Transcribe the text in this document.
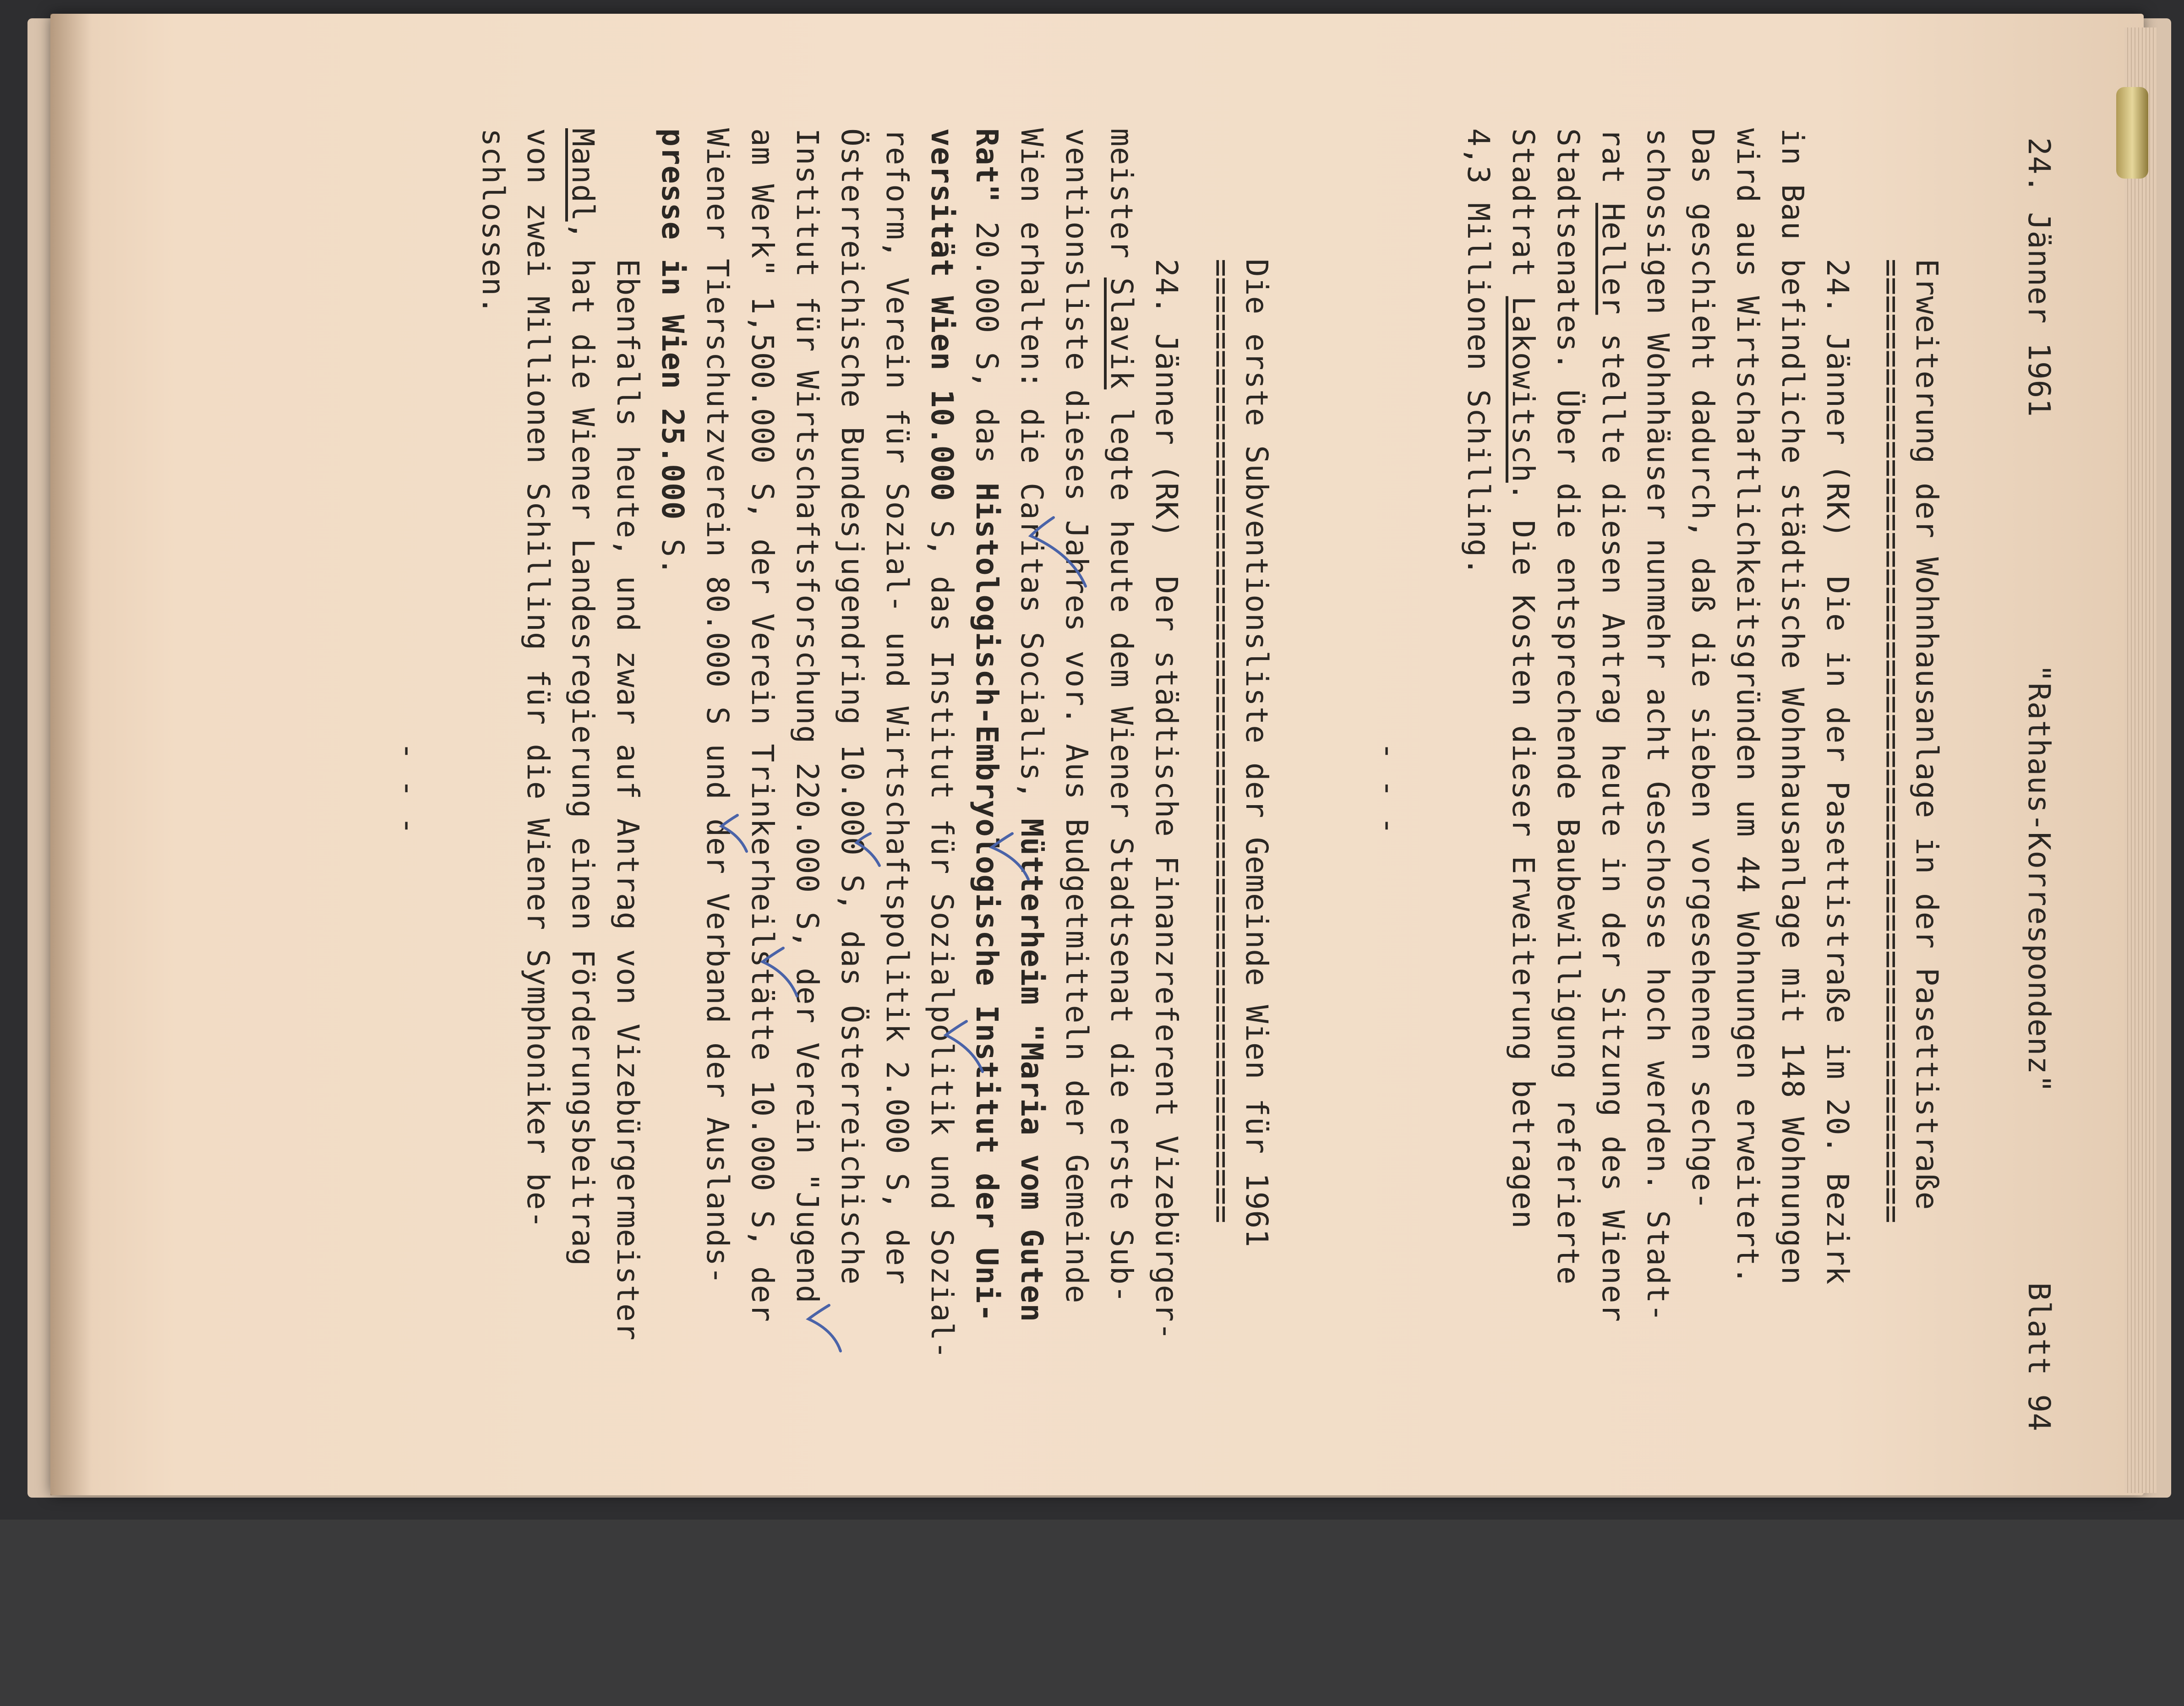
24. Jänner 1961
"Rathaus-Korrespondenz"
Blatt 94
Erweiterung der Wohnhausanlage in der Pasettistraße
=====================================================
24. Jänner (RK)  Die in der Pasettistraße im 20. Bezirk
in Bau befindliche städtische Wohnhausanlage mit 148 Wohnungen
wird aus Wirtschaftlichkeitsgründen um 44 Wohnungen erweitert.
Das geschieht dadurch, daß die sieben vorgesehenen sechge-
schossigen Wohnhäuser nunmehr acht Geschosse hoch werden. Stadt-
rat Heller stellte diesen Antrag heute in der Sitzung des Wiener
Stadtsenates. Über die entsprechende Baubewilligung referierte
Stadtrat Lakowitsch. Die Kosten dieser Erweiterung betragen
4,3 Millionen Schilling.
- - -
Die erste Subventionsliste der Gemeinde Wien für 1961
=====================================================
24. Jänner (RK)  Der städtische Finanzreferent Vizebürger-
meister Slavik legte heute dem Wiener Stadtsenat die erste Sub-
ventionsliste dieses Jahres vor. Aus Budgetmitteln der Gemeinde
Wien erhalten: die Caritas Socialis, Mütterheim "Maria vom Guten
Rat" 20.000 S, das Histologisch-Embryologische Institut der Uni-
versität Wien 10.000 S, das Institut für Sozialpolitik und Sozial-
reform, Verein für Sozial- und Wirtschaftspolitik 2.000 S, der
Österreichische Bundesjugendring 10.000 S, das Österreichische
Institut für Wirtschaftsforschung 220.000 S, der Verein "Jugend
am Werk" 1,500.000 S, der Verein Trinkerheilstätte 10.000 S, der
Wiener Tierschutzverein 80.000 S und der Verband der Auslands-
presse in Wien 25.000 S.
Ebenfalls heute, und zwar auf Antrag von Vizebürgermeister
Mandl, hat die Wiener Landesregierung einen Förderungsbeitrag
von zwei Millionen Schilling für die Wiener Symphoniker be-
schlossen.
- - -
